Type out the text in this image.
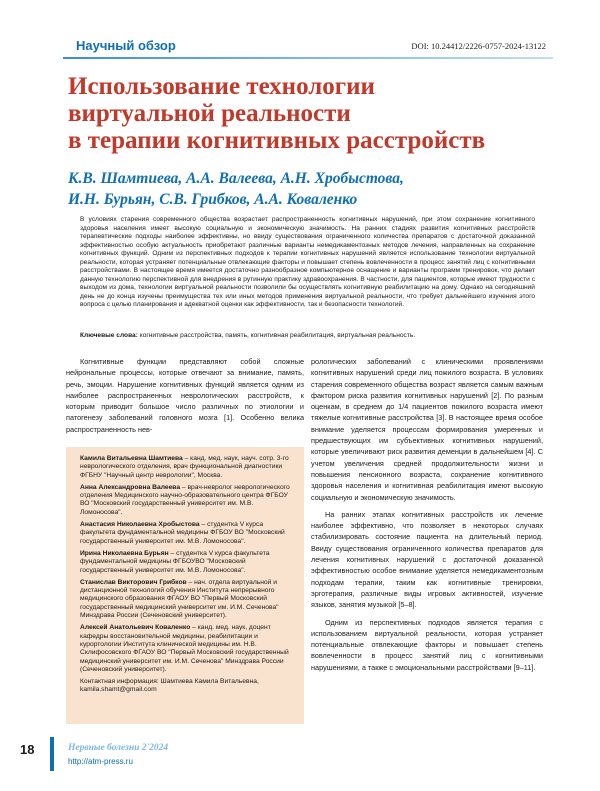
Научный обзор	DOI: 10.24412/2226-0757-2024-13122
Использование технологии
виртуальной реальности
в терапии когнитивных расстройств
К.В. Шамтиева, А.А. Валеева, А.Н. Хробыстова,
И.Н. Бурьян, С.В. Грибков, А.А. Коваленко

В условиях старения современного общества возрастает распространенность когнитивных нарушений, при этом сохранение когнитивного здоровья населения имеет высокую социальную и экономическую значимость. На ранних стадиях развития когнитивных расстройств терапевтические подходы наиболее эффективны, но ввиду существования ограниченного количества препаратов с достаточной доказанной эффективностью особую актуальность приобретают различные варианты немедикаментозных методов лечения, направленных на сохранение когнитивных функций. Одним из перспективных подходов к терапии когнитивных нарушений является использование технологии виртуальной реальности, которая устраняет потенциальные отвлекающие факторы и повышает степень вовлеченности в процесс занятий лиц с когнитивными расстройствами. В настоящее время имеется достаточно разнообразное компьютерное оснащение и варианты программ тренировок, что делает данную технологию перспективной для внедрения в рутинную практику здравоохранения. В частности, для пациентов, которые имеют трудности с выходом из дома, технологии виртуальной реальности позволили бы осуществлять когнитивную реабилитацию на дому. Однако на сегодняшний день не до конца изучены преимущества тех или иных методов применения виртуальной реальности, что требует дальнейшего изучения этого вопроса с целью планирования и адекватной оценки как эффективности, так и безопасности технологий.

Ключевые слова: когнитивные расстройства, память, когнитивная реабилитация, виртуальная реальность.

Когнитивные функции представляют собой сложные нейрональные процессы, которые отвечают за внимание, память, речь, эмоции. Нарушение когнитивных функций является одним из наиболее распространенных неврологических расстройств, к которым приводит большое число различных по этиологии и патогенезу заболеваний головного мозга [1]. Особенно велика распространенность нев-

Камила Витальевна Шамтиева – канд. мед. наук, науч. сотр. 3-го неврологического отделения, врач функциональной диагностики ФГБНУ "Научный центр неврологии", Москва.
Анна Александровна Валеева – врач-невролог неврологического отделения Медицинского научно-образовательного центра ФГБОУ ВО "Московский государственный университет им. М.В. Ломоносова".
Анастасия Николаевна Хробыстова – студентка V курса факультета фундаментальной медицины ФГБОУ ВО "Московский государственный университет им. М.В. Ломоносова".
Ирина Николаевна Бурьян – студентка V курса факультета фундаментальной медицины ФГБОУВО "Московский государственный университет им. М.В. Ломоносова".
Станислав Викторович Грибков – нач. отдела виртуальной и дистанционной технологий обучения Института непрерывного медицинского образования ФГАОУ ВО "Первый Московский государственный медицинский университет им. И.М. Сеченова" Минздрава России (Сеченовский университет).
Алексей Анатольевич Коваленко – канд. мед. наук, доцент кафедры восстановительной медицины, реабилитации и курортологии Института клинической медицины им. Н.В. Склифосовского ФГАОУ ВО "Первый Московский государственный медицинский университет им. И.М. Сеченова" Минздрава России (Сеченовский университет).
Контактная информация: Шамтиева Камила Витальевна, kamila.shamt@gmail.com

рологических заболеваний с клиническими проявлениями когнитивных нарушений среди лиц пожилого возраста. В условиях старения современного общества возраст является самым важным фактором риска развития когнитивных нарушений [2]. По разным оценкам, в среднем до 1/4 пациентов пожилого возраста имеют тяжелые когнитивные расстройства [3]. В настоящее время особое внимание уделяется процессам формирования умеренных и предшествующих им субъективных когнитивных нарушений, которые увеличивают риск развития деменции в дальнейшем [4]. С учетом увеличения средней продолжительности жизни и повышения пенсионного возраста, сохранение когнитивного здоровья населения и когнитивная реабилитация имеют высокую социальную и экономическую значимость.

На ранних этапах когнитивных расстройств их лечение наиболее эффективно, что позволяет в некоторых случаях стабилизировать состояние пациента на длительный период. Ввиду существования ограниченного количества препаратов для лечения когнитивных нарушений с достаточной доказанной эффективностью особое внимание уделяется немедикаментозным подходам терапии, таким как когнитивные тренировки, эрготерапия, различные виды игровых активностей, изучение языков, занятия музыкой [5–8].

Одним из перспективных подходов является терапия с использованием виртуальной реальности, которая устраняет потенциальные отвлекающие факторы и повышает степень вовлеченности в процесс занятий лиц с когнитивными нарушениями, а также с эмоциональными расстройствами [9–11].

18	Нервные болезни 2'2024
http://atm-press.ru
